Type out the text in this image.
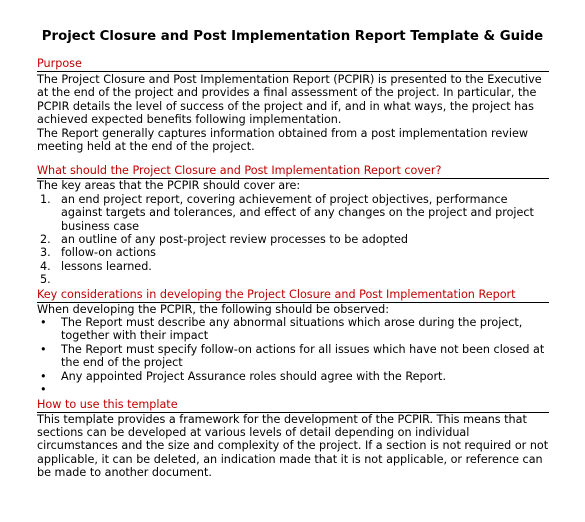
Project Closure and Post Implementation Report Template & Guide
Purpose

The Project Closure and Post Implementation Report (PCPIR) is presented to the Executive at the end of the project and provides a final assessment of the project. In particular, the PCPIR details the level of success of the project and if, and in what ways, the project has achieved expected benefits following implementation.

The Report generally captures information obtained from a post implementation review meeting held at the end of the project.

What should the Project Closure and Post Implementation Report cover?

The key areas that the PCPIR should cover are:

1. an end project report, covering achievement of project objectives, performance against targets and tolerances, and effect of any changes on the project and project business case
2. an outline of any post-project review processes to be adopted
3. follow-on actions
4. lessons learned.
5.
Key considerations in developing the Project Closure and Post Implementation Report

When developing the PCPIR, the following should be observed:

• The Report must describe any abnormal situations which arose during the project, together with their impact
• The Report must specify follow-on actions for all issues which have not been closed at the end of the project
• Any appointed Project Assurance roles should agree with the Report.
•
How to use this template

This template provides a framework for the development of the PCPIR. This means that sections can be developed at various levels of detail depending on individual circumstances and the size and complexity of the project. If a section is not required or not applicable, it can be deleted, an indication made that it is not applicable, or reference can be made to another document.
